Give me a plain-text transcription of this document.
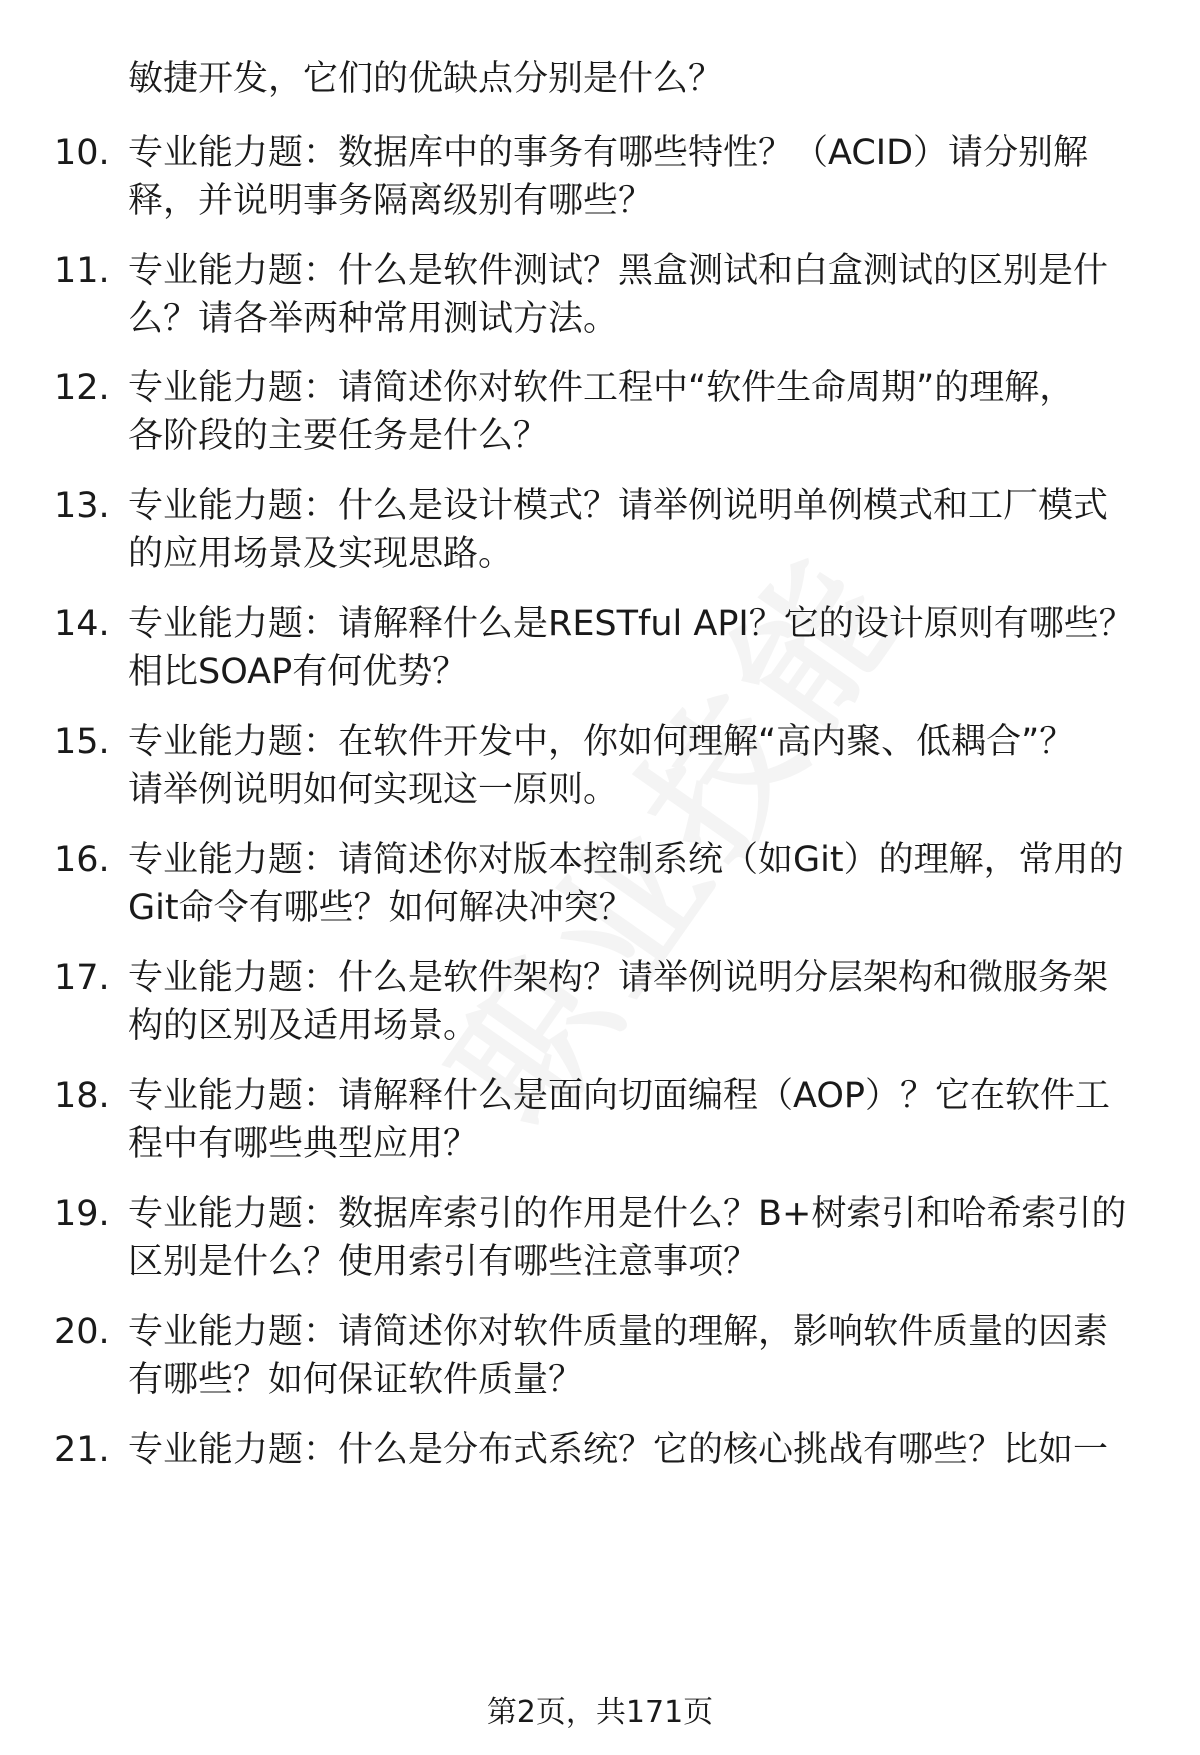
敏捷开发，它们的优缺点分别是什么？
10. 专业能力题：数据库中的事务有哪些特性？（ACID）请分别解
释，并说明事务隔离级别有哪些？
11. 专业能力题：什么是软件测试？黑盒测试和白盒测试的区别是什
么？请各举两种常用测试方法。
12. 专业能力题：请简述你对软件工程中“软件生命周期”的理解，
各阶段的主要任务是什么？
13. 专业能力题：什么是设计模式？请举例说明单例模式和工厂模式
的应用场景及实现思路。
14. 专业能力题：请解释什么是RESTful API？它的设计原则有哪些？
相比SOAP有何优势？
15. 专业能力题：在软件开发中，你如何理解“高内聚、低耦合”？
请举例说明如何实现这一原则。
16. 专业能力题：请简述你对版本控制系统（如Git）的理解，常用的
Git命令有哪些？如何解决冲突？
17. 专业能力题：什么是软件架构？请举例说明分层架构和微服务架
构的区别及适用场景。
18. 专业能力题：请解释什么是面向切面编程（AOP）？它在软件工
程中有哪些典型应用？
19. 专业能力题：数据库索引的作用是什么？B+树索引和哈希索引的
区别是什么？使用索引有哪些注意事项？
20. 专业能力题：请简述你对软件质量的理解，影响软件质量的因素
有哪些？如何保证软件质量？
21. 专业能力题：什么是分布式系统？它的核心挑战有哪些？比如一
第2页，共171页
